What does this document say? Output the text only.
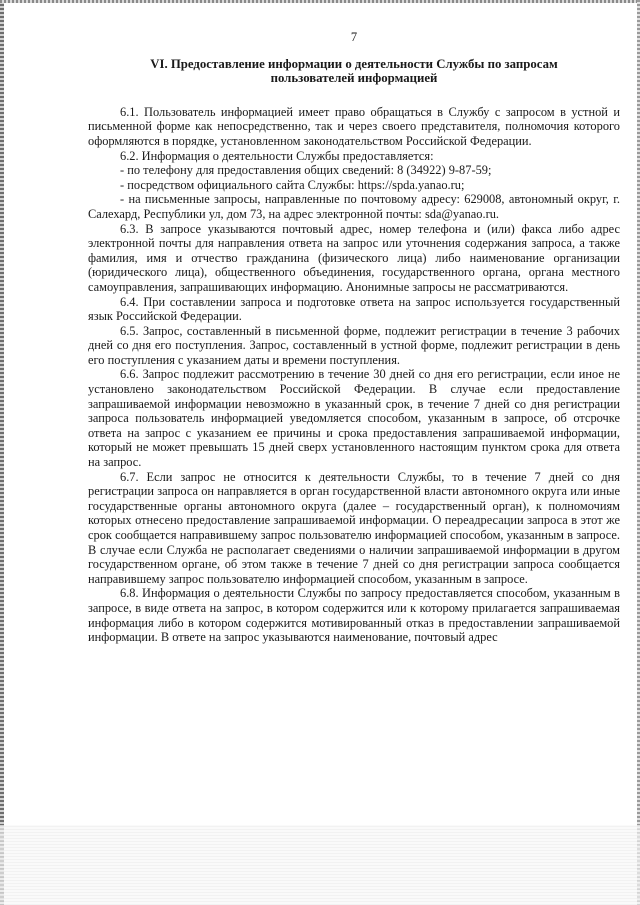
7
VI. Предоставление информации о деятельности Службы по запросам
пользователей информацией

6.1. Пользователь информацией имеет право обращаться в Службу с запросом в устной и письменной форме как непосредственно, так и через своего представителя, полномочия которого оформляются в порядке, установленном законодательством Российской Федерации.

6.2. Информация о деятельности Службы предоставляется:

- по телефону для предоставления общих сведений: 8 (34922) 9-87-59;

- посредством официального сайта Службы: https://spda.yanao.ru;

- на письменные запросы, направленные по почтовому адресу: 629008, автономный округ, г. Салехард, Республики ул, дом 73, на адрес электронной почты: sda@yanao.ru.

6.3. В запросе указываются почтовый адрес, номер телефона и (или) факса либо адрес электронной почты для направления ответа на запрос или уточнения содержания запроса, а также фамилия, имя и отчество гражданина (физического лица) либо наименование организации (юридического лица), общественного объединения, государственного органа, органа местного самоуправления, запрашивающих информацию. Анонимные запросы не рассматриваются.

6.4. При составлении запроса и подготовке ответа на запрос используется государственный язык Российской Федерации.

6.5. Запрос, составленный в письменной форме, подлежит регистрации в течение 3 рабочих дней со дня его поступления. Запрос, составленный в устной форме, подлежит регистрации в день его поступления с указанием даты и времени поступления.

6.6. Запрос подлежит рассмотрению в течение 30 дней со дня его регистрации, если иное не установлено законодательством Российской Федерации. В случае если предоставление запрашиваемой информации невозможно в указанный срок, в течение 7 дней со дня регистрации запроса пользователь информацией уведомляется способом, указанным в запросе, об отсрочке ответа на запрос с указанием ее причины и срока предоставления запрашиваемой информации, который не может превышать 15 дней сверх установленного настоящим пунктом срока для ответа на запрос.

6.7. Если запрос не относится к деятельности Службы, то в течение 7 дней со дня регистрации запроса он направляется в орган государственной власти автономного округа или иные государственные органы автономного округа (далее – государственный орган), к полномочиям которых отнесено предоставление запрашиваемой информации. О переадресации запроса в этот же срок сообщается направившему запрос пользователю информацией способом, указанным в запросе. В случае если Служба не располагает сведениями о наличии запрашиваемой информации в другом государственном органе, об этом также в течение 7 дней со дня регистрации запроса сообщается направившему запрос пользователю информацией способом, указанным в запросе.

6.8. Информация о деятельности Службы по запросу предоставляется способом, указанным в запросе, в виде ответа на запрос, в котором содержится или к которому прилагается запрашиваемая информация либо в котором содержится мотивированный отказ в предоставлении запрашиваемой информации. В ответе на запрос указываются наименование, почтовый адрес
